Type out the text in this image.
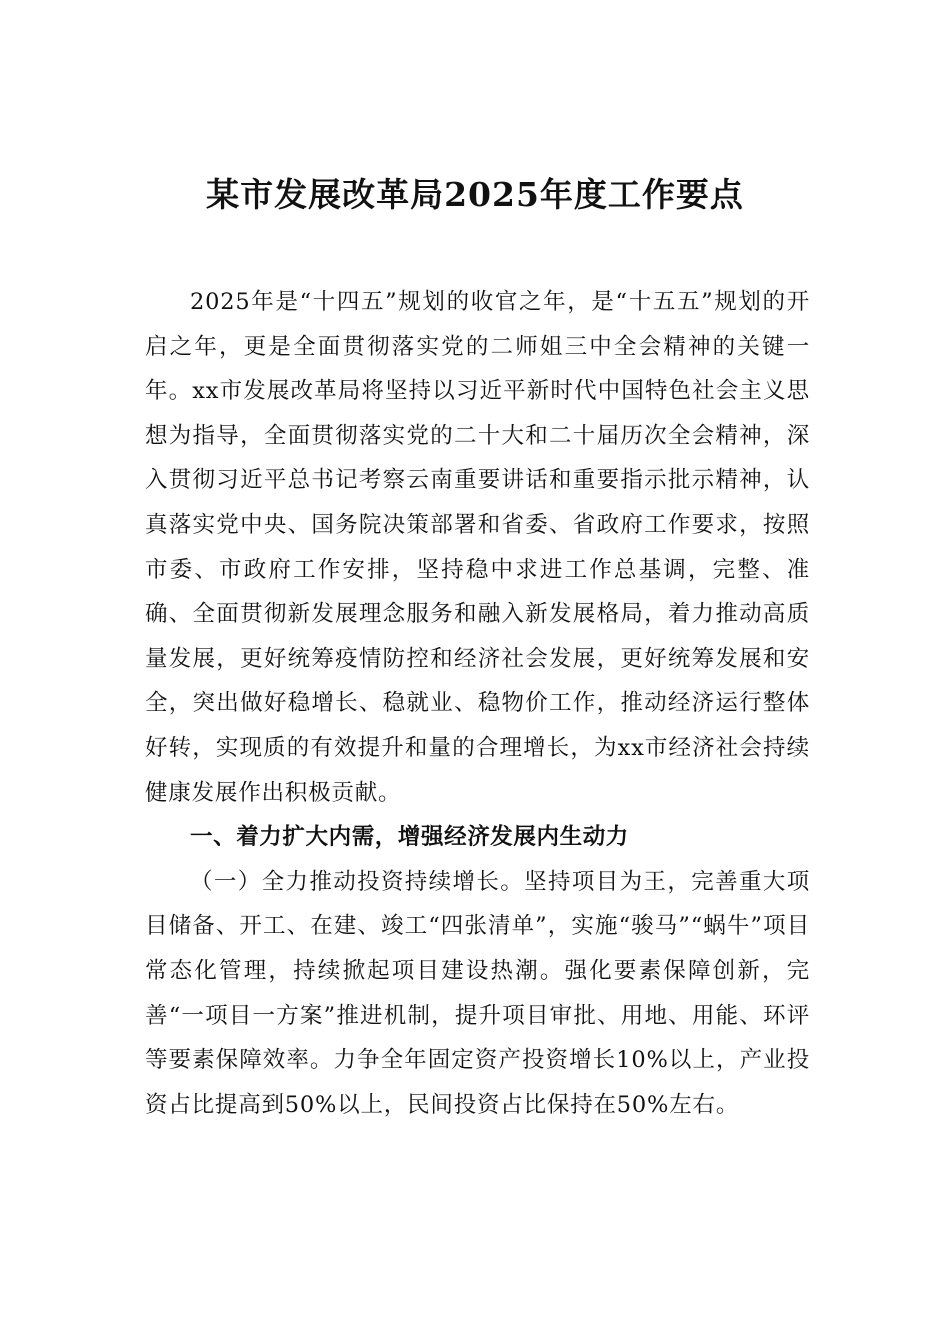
某市发展改革局2025年度工作要点

2025年是“十四五”规划的收官之年，是“十五五”规划的开启之年，更是全面贯彻落实党的二师姐三中全会精神的关键一年。xx市发展改革局将坚持以习近平新时代中国特色社会主义思想为指导，全面贯彻落实党的二十大和二十届历次全会精神，深入贯彻习近平总书记考察云南重要讲话和重要指示批示精神，认真落实党中央、国务院决策部署和省委、省政府工作要求，按照市委、市政府工作安排，坚持稳中求进工作总基调，完整、准确、全面贯彻新发展理念服务和融入新发展格局，着力推动高质量发展，更好统筹疫情防控和经济社会发展，更好统筹发展和安全，突出做好稳增长、稳就业、稳物价工作，推动经济运行整体好转，实现质的有效提升和量的合理增长，为xx市经济社会持续健康发展作出积极贡献。

一、着力扩大内需，增强经济发展内生动力

（一）全力推动投资持续增长。坚持项目为王，完善重大项目储备、开工、在建、竣工“四张清单”，实施“骏马”“蜗牛”项目常态化管理，持续掀起项目建设热潮。强化要素保障创新，完善“一项目一方案”推进机制，提升项目审批、用地、用能、环评等要素保障效率。力争全年固定资产投资增长10%以上，产业投资占比提高到50%以上，民间投资占比保持在50%左右。
